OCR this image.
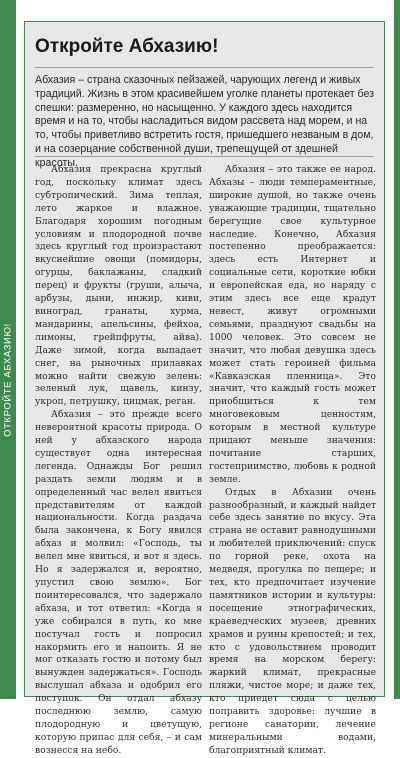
ОТКРОЙТЕ АБХАЗИЮ!
Откройте Абхазию!

Абхазия – страна сказочных пейзажей, чарующих легенд и живых традиций. Жизнь в этом красивейшем уголке планеты протекает без спешки: размеренно, но насыщенно. У каждого здесь находится время и на то, чтобы насладиться видом рассвета над морем, и на то, чтобы приветливо встретить гостя, пришедшего незваным в дом, и на созерцание собственной души, трепещущей от здешней красоты.

Абхазия прекрасна круглый год, поскольку климат здесь субтропический. Зима теплая, лето жаркое и влажное. Благодаря хорошим погодным условиям и плодородной почве здесь круглый год произрастают вкуснейшие овощи (помидоры, огурцы, баклажаны, сладкий перец) и фрукты (груши, алыча, арбузы, дыни, инжир, киви, виноград, гранаты, хурма, мандарины, апельсины, фейхоа, лимоны, грейпфруты, айва). Даже зимой, когда выпадает снег, на рыночных прилавках можно найти свежую зелень: зеленый лук, щавель, кинзу, укроп, петрушку, цицмак, реган.

Абхазия – это прежде всего невероятной красоты природа. О ней у абхазского народа существует одна интересная легенда. Однажды Бог решил раздать земли людям и в определенный час велел явиться представителям от каждой национальности. Когда раздача была закончена, к Богу явился абхаз и молвил: «Господь, ты велел мне явиться, и вот я здесь. Но я задержался и, вероятно, упустил свою землю». Бог поинтересовался, что задержало абхаза, и тот ответил: «Когда я уже собирался в путь, ко мне постучал гость и попросил накормить его и напоить. Я не мог отказать гостю и потому был вынужден задержаться». Господь выслушал абхаза и одобрил его поступок. Он отдал абхазу последнюю землю, самую плодородную и цветущую, которую припас для себя, – и сам вознесся на небо.

Абхазия – это также ее народ. Абхазы – люди темпераментные, широкие душой, но также очень уважающие традиции, тщательно берегущие свое культурное наследие. Конечно, Абхазия постепенно преображается: здесь есть Интернет и социальные сети, короткие юбки и европейская еда, но наряду с этим здесь все еще крадут невест, живут огромными семьями, празднуют свадьбы на 1000 человек. Это совсем не значит, что любая девушка здесь может стать героиней фильма «Кавказская пленница». Это значит, что каждый гость может приобщиться к тем многовековым ценностям, которым в местной культуре придают меньше значения: почитание старших, гостеприимство, любовь к родной земле.

Отдых в Абхазии очень разнообразный, и каждый найдет себе здесь занятие по вкусу. Эта страна не оставит равнодушными и любителей приключений: спуск по горной реке, охота на медведя, прогулка по пещере; и тех, кто предпочитает изучение памятников истории и культуры: посещение этнографических, краеведческих музеев, древних храмов и руины крепостей; и тех, кто с удовольствием проводит время на морском берегу: жаркий климат, прекрасные пляжи, чистое море; и даже тех, кто приедет сюда с целью поправить здоровье: лучшие в регионе санатории, лечение минеральными водами, благоприятный климат.
